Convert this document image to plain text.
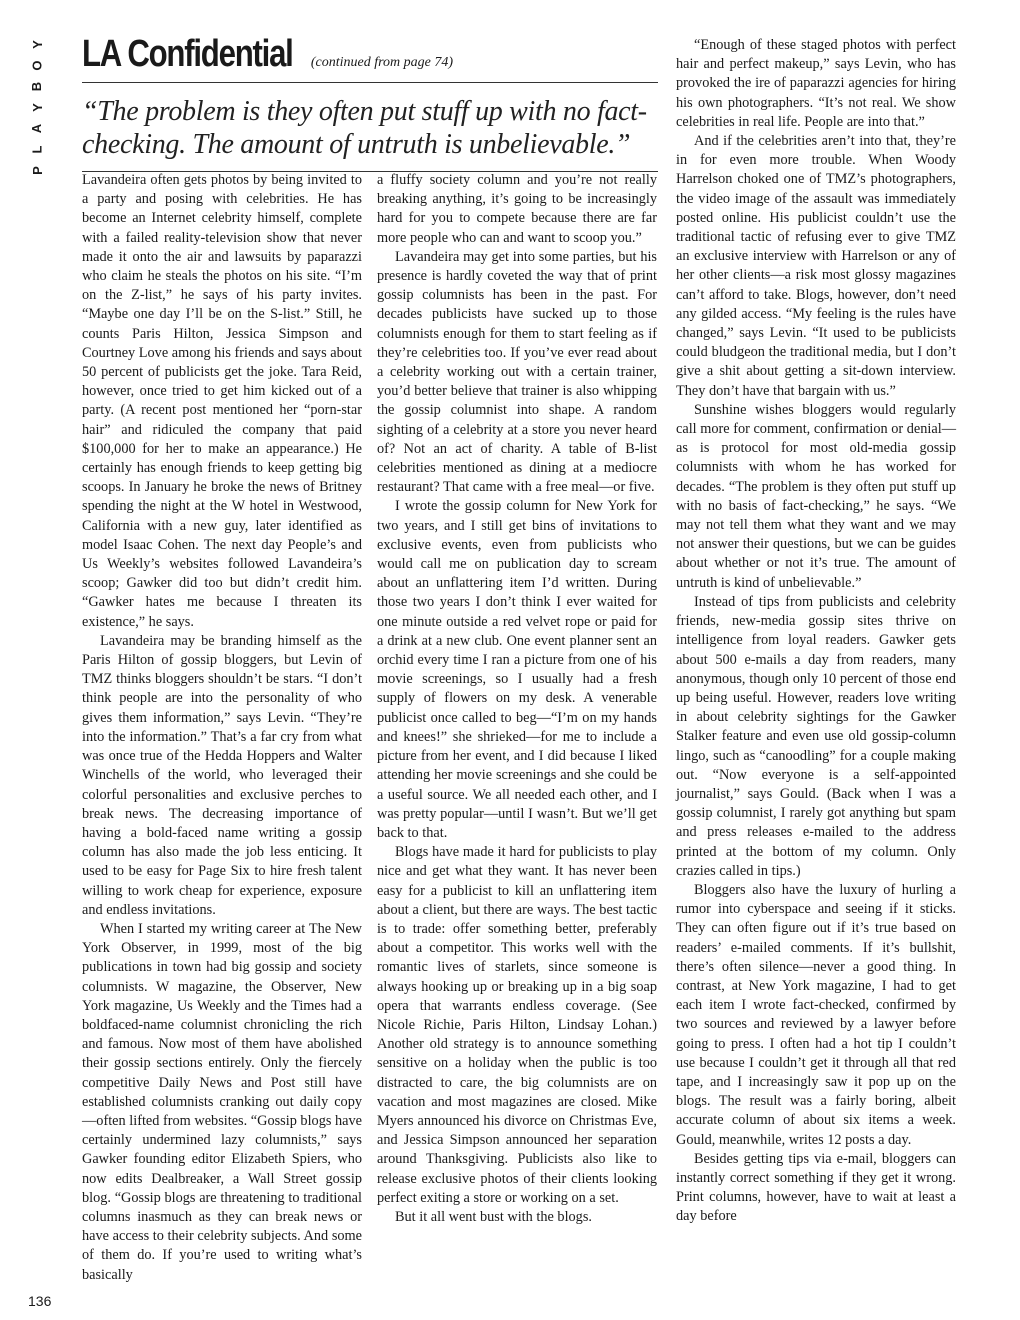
Y
O
B
Y
A
L
P
LA Confidential (continued from page 74)
“The problem is they often put stuff up with no fact-checking. The amount of untruth is unbelievable.”

Lavandeira often gets photos by being invited to a party and posing with celebrities. He has become an Internet celebrity himself, complete with a failed reality-television show that never made it onto the air and lawsuits by paparazzi who claim he steals the photos on his site. “I’m on the Z-list,” he says of his party invites. “Maybe one day I’ll be on the S-list.” Still, he counts Paris Hilton, Jessica Simpson and Courtney Love among his friends and says about 50 percent of publicists get the joke. Tara Reid, however, once tried to get him kicked out of a party. (A recent post mentioned her “porn-star hair” and ridiculed the company that paid $100,000 for her to make an appearance.) He certainly has enough friends to keep getting big scoops. In January he broke the news of Britney spending the night at the W hotel in Westwood, California with a new guy, later identified as model Isaac Cohen. The next day People’s and Us Weekly’s websites followed Lavandeira’s scoop; Gawker did too but didn’t credit him. “Gawker hates me because I threaten its existence,” he says.

Lavandeira may be branding himself as the Paris Hilton of gossip bloggers, but Levin of TMZ thinks bloggers shouldn’t be stars. “I don’t think people are into the personality of who gives them information,” says Levin. “They’re into the information.” That’s a far cry from what was once true of the Hedda Hoppers and Walter Winchells of the world, who leveraged their colorful personalities and exclusive perches to break news. The decreasing importance of having a bold-faced name writing a gossip column has also made the job less enticing. It used to be easy for Page Six to hire fresh talent willing to work cheap for experience, exposure and endless invitations.

When I started my writing career at The New York Observer, in 1999, most of the big publications in town had big gossip and society columnists. W magazine, the Observer, New York magazine, Us Weekly and the Times had a boldfaced-name columnist chronicling the rich and famous. Now most of them have abolished their gossip sections entirely. Only the fiercely competitive Daily News and Post still have established columnists cranking out daily copy—often lifted from websites. “Gossip blogs have certainly undermined lazy columnists,” says Gawker founding editor Elizabeth Spiers, who now edits Dealbreaker, a Wall Street gossip blog. “Gossip blogs are threatening to traditional columns inasmuch as they can break news or have access to their celebrity subjects. And some of them do. If you’re used to writing what’s basically

a fluffy society column and you’re not really breaking anything, it’s going to be increasingly hard for you to compete because there are far more people who can and want to scoop you.”

Lavandeira may get into some parties, but his presence is hardly coveted the way that of print gossip columnists has been in the past. For decades publicists have sucked up to those columnists enough for them to start feeling as if they’re celebrities too. If you’ve ever read about a celebrity working out with a certain trainer, you’d better believe that trainer is also whipping the gossip columnist into shape. A random sighting of a celebrity at a store you never heard of? Not an act of charity. A table of B-list celebrities mentioned as dining at a mediocre restaurant? That came with a free meal—or five.

I wrote the gossip column for New York for two years, and I still get bins of invitations to exclusive events, even from publicists who would call me on publication day to scream about an unflattering item I’d written. During those two years I don’t think I ever waited for one minute outside a red velvet rope or paid for a drink at a new club. One event planner sent an orchid every time I ran a picture from one of his movie screenings, so I usually had a fresh supply of flowers on my desk. A venerable publicist once called to beg—“I’m on my hands and knees!” she shrieked—for me to include a picture from her event, and I did because I liked attending her movie screenings and she could be a useful source. We all needed each other, and I was pretty popular—until I wasn’t. But we’ll get back to that.

Blogs have made it hard for publicists to play nice and get what they want. It has never been easy for a publicist to kill an unflattering item about a client, but there are ways. The best tactic is to trade: offer something better, preferably about a competitor. This works well with the romantic lives of starlets, since someone is always hooking up or breaking up in a big soap opera that warrants endless coverage. (See Nicole Richie, Paris Hilton, Lindsay Lohan.) Another old strategy is to announce something sensitive on a holiday when the public is too distracted to care, the big columnists are on vacation and most magazines are closed. Mike Myers announced his divorce on Christmas Eve, and Jessica Simpson announced her separation around Thanksgiving. Publicists also like to release exclusive photos of their clients looking perfect exiting a store or working on a set.

But it all went bust with the blogs.

“Enough of these staged photos with perfect hair and perfect makeup,” says Levin, who has provoked the ire of paparazzi agencies for hiring his own photographers. “It’s not real. We show celebrities in real life. People are into that.”

And if the celebrities aren’t into that, they’re in for even more trouble. When Woody Harrelson choked one of TMZ’s photographers, the video image of the assault was immediately posted online. His publicist couldn’t use the traditional tactic of refusing ever to give TMZ an exclusive interview with Harrelson or any of her other clients—a risk most glossy magazines can’t afford to take. Blogs, however, don’t need any gilded access. “My feeling is the rules have changed,” says Levin. “It used to be publicists could bludgeon the traditional media, but I don’t give a shit about getting a sit-down interview. They don’t have that bargain with us.”

Sunshine wishes bloggers would regularly call more for comment, confirmation or denial—as is protocol for most old-media gossip columnists with whom he has worked for decades. “The problem is they often put stuff up with no basis of fact-checking,” he says. “We may not tell them what they want and we may not answer their questions, but we can be guides about whether or not it’s true. The amount of untruth is kind of unbelievable.”

Instead of tips from publicists and celebrity friends, new-media gossip sites thrive on intelligence from loyal readers. Gawker gets about 500 e-mails a day from readers, many anonymous, though only 10 percent of those end up being useful. However, readers love writing in about celebrity sightings for the Gawker Stalker feature and even use old gossip-column lingo, such as “canoodling” for a couple making out. “Now everyone is a self-appointed journalist,” says Gould. (Back when I was a gossip columnist, I rarely got anything but spam and press releases e-mailed to the address printed at the bottom of my column. Only crazies called in tips.)

Bloggers also have the luxury of hurling a rumor into cyberspace and seeing if it sticks. They can often figure out if it’s true based on readers’ e-mailed comments. If it’s bullshit, there’s often silence—never a good thing. In contrast, at New York magazine, I had to get each item I wrote fact-checked, confirmed by two sources and reviewed by a lawyer before going to press. I often had a hot tip I couldn’t use because I couldn’t get it through all that red tape, and I increasingly saw it pop up on the blogs. The result was a fairly boring, albeit accurate column of about six items a week. Gould, meanwhile, writes 12 posts a day.

Besides getting tips via e-mail, bloggers can instantly correct something if they get it wrong. Print columns, however, have to wait at least a day before

136
